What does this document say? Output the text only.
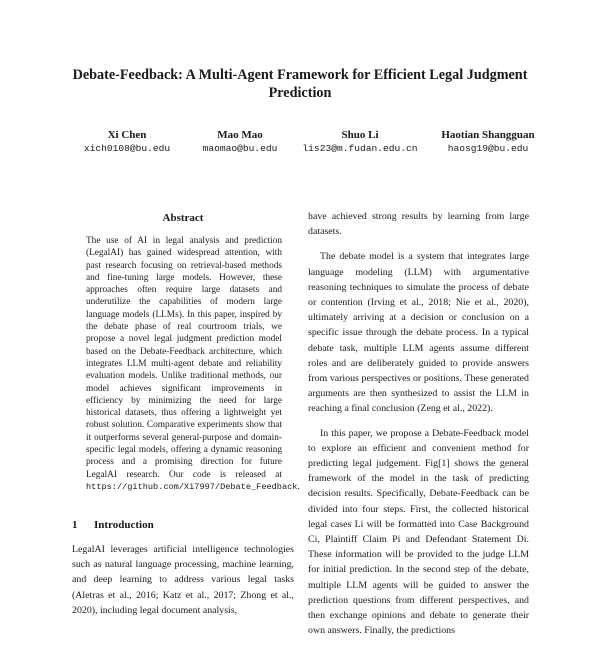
Debate-Feedback: A Multi-Agent Framework for Efficient Legal Judgment Prediction
Xi Chen
xich0108@bu.edu
Mao Mao
maomao@bu.edu
Shuo Li
lis23@m.fudan.edu.cn
Haotian Shangguan
haosg19@bu.edu
Abstract
The use of AI in legal analysis and prediction (LegalAI) has gained widespread attention, with past research focusing on retrieval-based methods and fine-tuning large models. However, these approaches often require large datasets and underutilize the capabilities of modern large language models (LLMs). In this paper, inspired by the debate phase of real courtroom trials, we propose a novel legal judgment prediction model based on the Debate-Feedback architecture, which integrates LLM multi-agent debate and reliability evaluation models. Unlike traditional methods, our model achieves significant improvements in efficiency by minimizing the need for large historical datasets, thus offering a lightweight yet robust solution. Comparative experiments show that it outperforms several general-purpose and domain-specific legal models, offering a dynamic reasoning process and a promising direction for future LegalAI research. Our code is released at https://github.com/Xi7997/Debate_Feedback.
1 Introduction
LegalAI leverages artificial intelligence technologies such as natural language processing, machine learning, and deep learning to address various legal tasks (Aletras et al., 2016; Katz et al., 2017; Zhong et al., 2020), including legal document analysis,

have achieved strong results by learning from large datasets.

The debate model is a system that integrates large language modeling (LLM) with argumentative reasoning techniques to simulate the process of debate or contention (Irving et al., 2018; Nie et al., 2020), ultimately arriving at a decision or conclusion on a specific issue through the debate process. In a typical debate task, multiple LLM agents assume different roles and are deliberately guided to provide answers from various perspectives or positions. These generated arguments are then synthesized to assist the LLM in reaching a final conclusion (Zeng et al., 2022).

In this paper, we propose a Debate-Feedback model to explore an efficient and convenient method for predicting legal judgement. Fig[1] shows the general framework of the model in the task of predicting decision results. Specifically, Debate-Feedback can be divided into four steps. First, the collected historical legal cases Li will be formatted into Case Background Ci, Plaintiff Claim Pi and Defendant Statement Di. These information will be provided to the judge LLM for initial prediction. In the second step of the debate, multiple LLM agents will be guided to answer the prediction questions from different perspectives, and then exchange opinions and debate to generate their own answers. Finally, the predictions
